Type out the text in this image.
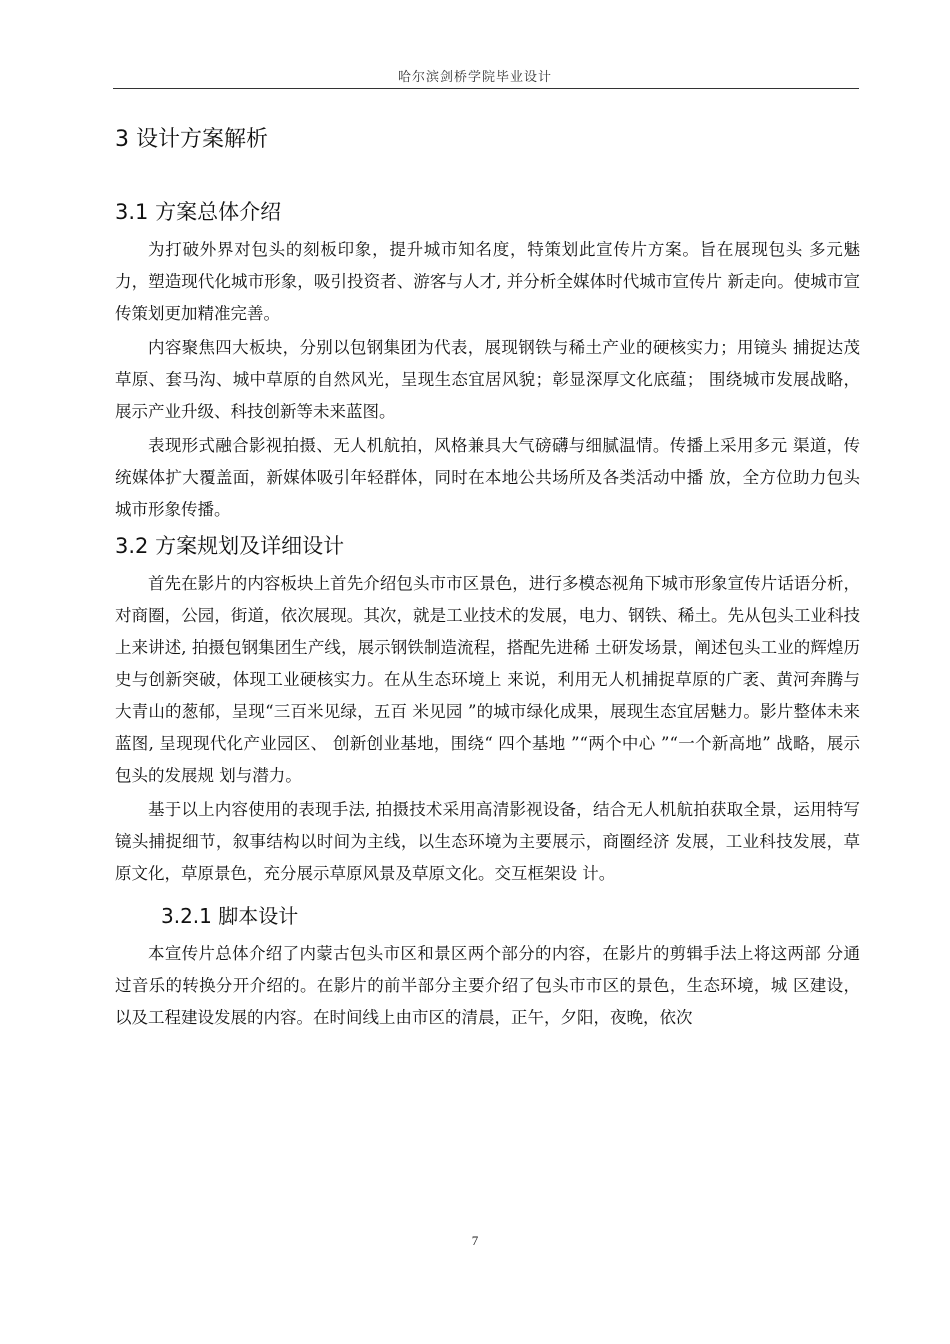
哈尔滨剑桥学院毕业设计
3 设计方案解析
3.1 方案总体介绍

为打破外界对包头的刻板印象，提升城市知名度，特策划此宣传片方案。旨在展现包头 多元魅力，塑造现代化城市形象，吸引投资者、游客与人才, 并分析全媒体时代城市宣传片 新走向。使城市宣传策划更加精准完善。

内容聚焦四大板块，分别以包钢集团为代表，展现钢铁与稀土产业的硬核实力；用镜头 捕捉达茂草原、套马沟、城中草原的自然风光，呈现生态宜居风貌；彰显深厚文化底蕴； 围绕城市发展战略，展示产业升级、科技创新等未来蓝图。

表现形式融合影视拍摄、无人机航拍，风格兼具大气磅礴与细腻温情。传播上采用多元 渠道，传统媒体扩大覆盖面，新媒体吸引年轻群体，同时在本地公共场所及各类活动中播 放，全方位助力包头城市形象传播。

3.2 方案规划及详细设计

首先在影片的内容板块上首先介绍包头市市区景色，进行多模态视角下城市形象宣传片话语分析，对商圈，公园，街道，依次展现。其次，就是工业技术的发展，电力、钢铁、稀土。先从包头工业科技上来讲述, 拍摄包钢集团生产线，展示钢铁制造流程，搭配先进稀 土研发场景，阐述包头工业的辉煌历史与创新突破，体现工业硬核实力。在从生态环境上 来说，利用无人机捕捉草原的广袤、黄河奔腾与大青山的葱郁，呈现“三百米见绿，五百 米见园 ”的城市绿化成果，展现生态宜居魅力。影片整体未来蓝图, 呈现现代化产业园区、 创新创业基地，围绕“ 四个基地 ”“两个中心 ”“一个新高地” 战略，展示包头的发展规 划与潜力。

基于以上内容使用的表现手法, 拍摄技术采用高清影视设备，结合无人机航拍获取全景，运用特写镜头捕捉细节，叙事结构以时间为主线，以生态环境为主要展示，商圈经济 发展，工业科技发展，草原文化，草原景色，充分展示草原风景及草原文化。交互框架设 计。

3.2.1 脚本设计

本宣传片总体介绍了内蒙古包头市区和景区两个部分的内容，在影片的剪辑手法上将这两部 分通过音乐的转换分开介绍的。在影片的前半部分主要介绍了包头市市区的景色，生态环境，城 区建设，以及工程建设发展的内容。在时间线上由市区的清晨，正午，夕阳，夜晚，依次

7
